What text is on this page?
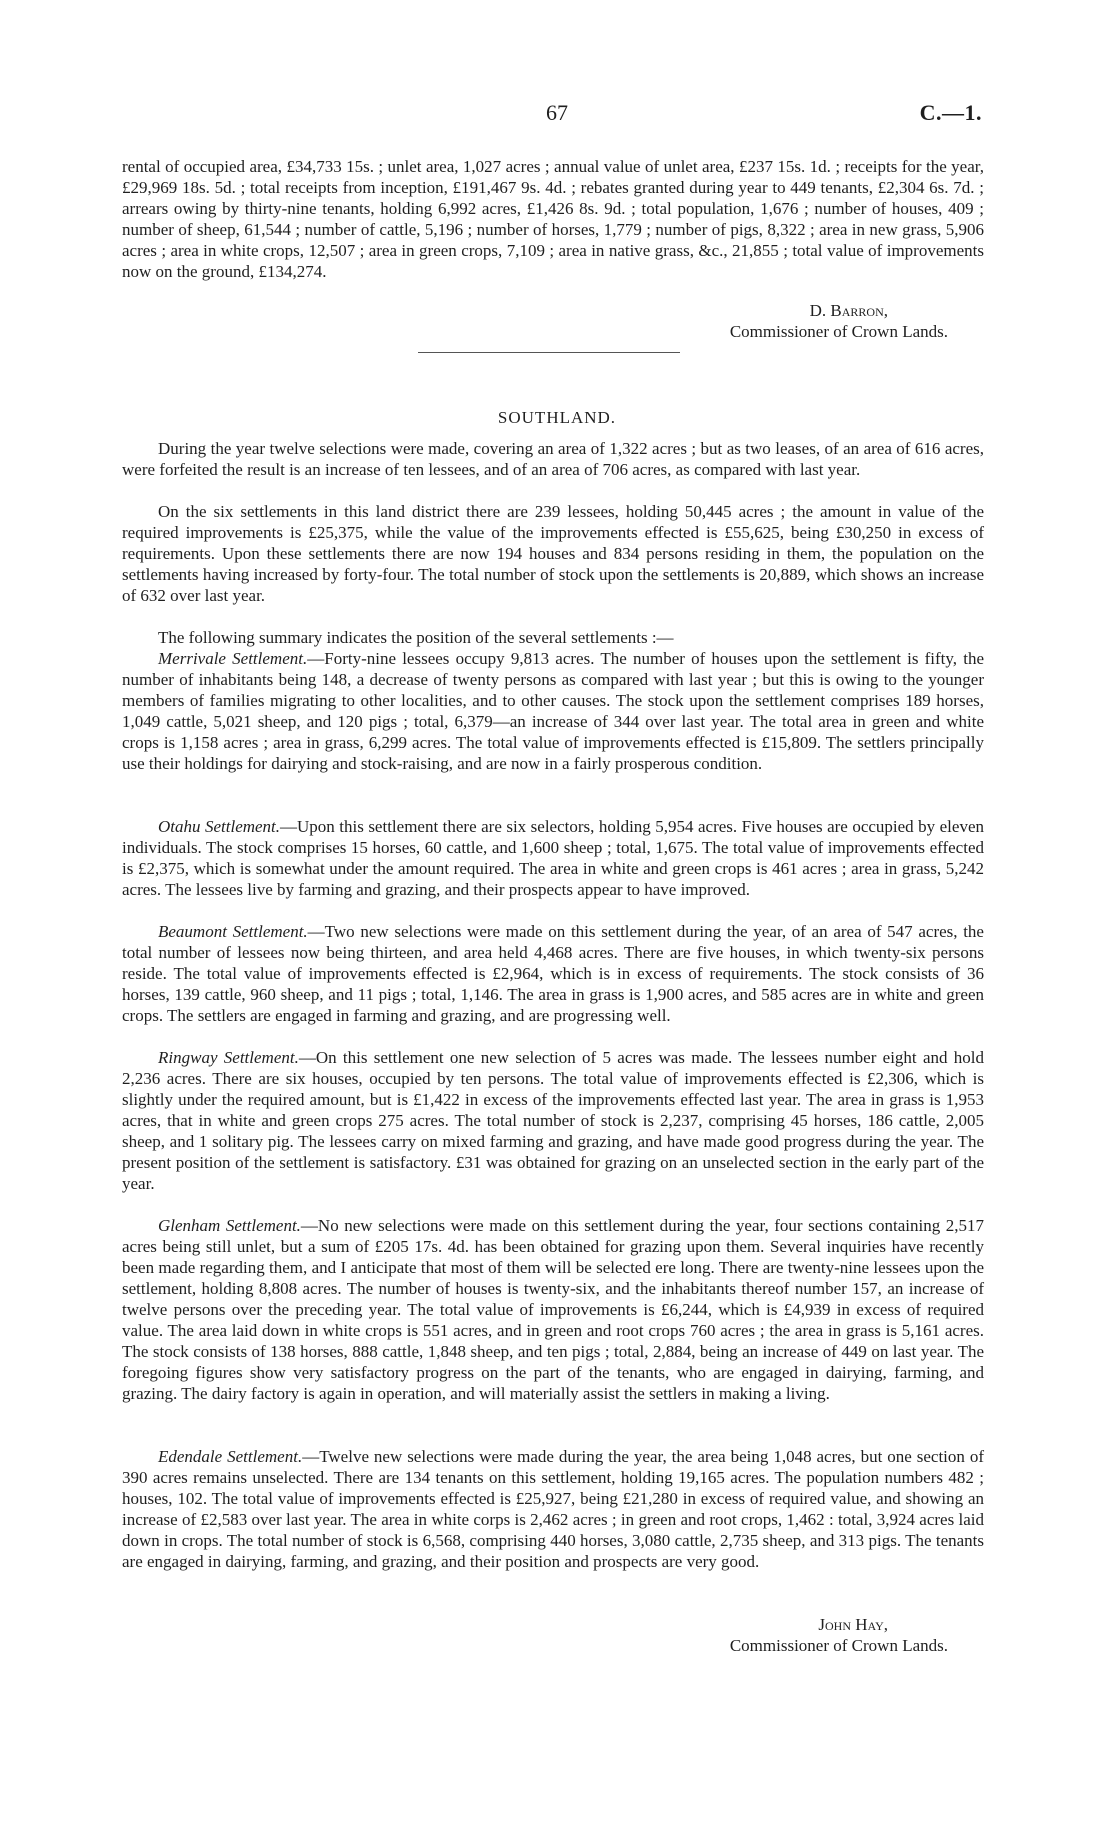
67	C.—1.

rental of occupied area, £34,733 15s. ; unlet area, 1,027 acres ; annual value of unlet area, £237 15s. 1d. ; receipts for the year, £29,969 18s. 5d. ; total receipts from inception, £191,467 9s. 4d. ; rebates granted during year to 449 tenants, £2,304 6s. 7d. ; arrears owing by thirty-nine tenants, holding 6,992 acres, £1,426 8s. 9d. ; total population, 1,676 ; number of houses, 409 ; number of sheep, 61,544 ; number of cattle, 5,196 ; number of horses, 1,779 ; number of pigs, 8,322 ; area in new grass, 5,906 acres ; area in white crops, 12,507 ; area in green crops, 7,109 ; area in native grass, &c., 21,855 ; total value of improvements now on the ground, £134,274.

D. Barron,
Commissioner of Crown Lands.
SOUTHLAND.

During the year twelve selections were made, covering an area of 1,322 acres ; but as two leases, of an area of 616 acres, were forfeited the result is an increase of ten lessees, and of an area of 706 acres, as compared with last year.

On the six settlements in this land district there are 239 lessees, holding 50,445 acres ; the amount in value of the required improvements is £25,375, while the value of the improvements effected is £55,625, being £30,250 in excess of requirements. Upon these settlements there are now 194 houses and 834 persons residing in them, the population on the settlements having increased by forty-four. The total number of stock upon the settlements is 20,889, which shows an increase of 632 over last year.

The following summary indicates the position of the several settlements :—

Merrivale Settlement.—Forty-nine lessees occupy 9,813 acres. The number of houses upon the settlement is fifty, the number of inhabitants being 148, a decrease of twenty persons as compared with last year ; but this is owing to the younger members of families migrating to other localities, and to other causes. The stock upon the settlement comprises 189 horses, 1,049 cattle, 5,021 sheep, and 120 pigs ; total, 6,379—an increase of 344 over last year. The total area in green and white crops is 1,158 acres ; area in grass, 6,299 acres. The total value of improvements effected is £15,809. The settlers principally use their holdings for dairying and stock-raising, and are now in a fairly prosperous condition.

Otahu Settlement.—Upon this settlement there are six selectors, holding 5,954 acres. Five houses are occupied by eleven individuals. The stock comprises 15 horses, 60 cattle, and 1,600 sheep ; total, 1,675. The total value of improvements effected is £2,375, which is somewhat under the amount required. The area in white and green crops is 461 acres ; area in grass, 5,242 acres. The lessees live by farming and grazing, and their prospects appear to have improved.

Beaumont Settlement.—Two new selections were made on this settlement during the year, of an area of 547 acres, the total number of lessees now being thirteen, and area held 4,468 acres. There are five houses, in which twenty-six persons reside. The total value of improvements effected is £2,964, which is in excess of requirements. The stock consists of 36 horses, 139 cattle, 960 sheep, and 11 pigs ; total, 1,146. The area in grass is 1,900 acres, and 585 acres are in white and green crops. The settlers are engaged in farming and grazing, and are progressing well.

Ringway Settlement.—On this settlement one new selection of 5 acres was made. The lessees number eight and hold 2,236 acres. There are six houses, occupied by ten persons. The total value of improvements effected is £2,306, which is slightly under the required amount, but is £1,422 in excess of the improvements effected last year. The area in grass is 1,953 acres, that in white and green crops 275 acres. The total number of stock is 2,237, comprising 45 horses, 186 cattle, 2,005 sheep, and 1 solitary pig. The lessees carry on mixed farming and grazing, and have made good progress during the year. The present position of the settlement is satisfactory. £31 was obtained for grazing on an unselected section in the early part of the year.

Glenham Settlement.—No new selections were made on this settlement during the year, four sections containing 2,517 acres being still unlet, but a sum of £205 17s. 4d. has been obtained for grazing upon them. Several inquiries have recently been made regarding them, and I anticipate that most of them will be selected ere long. There are twenty-nine lessees upon the settlement, holding 8,808 acres. The number of houses is twenty-six, and the inhabitants thereof number 157, an increase of twelve persons over the preceding year. The total value of improvements is £6,244, which is £4,939 in excess of required value. The area laid down in white crops is 551 acres, and in green and root crops 760 acres ; the area in grass is 5,161 acres. The stock consists of 138 horses, 888 cattle, 1,848 sheep, and ten pigs ; total, 2,884, being an increase of 449 on last year. The foregoing figures show very satisfactory progress on the part of the tenants, who are engaged in dairying, farming, and grazing. The dairy factory is again in operation, and will materially assist the settlers in making a living.

Edendale Settlement.—Twelve new selections were made during the year, the area being 1,048 acres, but one section of 390 acres remains unselected. There are 134 tenants on this settlement, holding 19,165 acres. The population numbers 482 ; houses, 102. The total value of improvements effected is £25,927, being £21,280 in excess of required value, and showing an increase of £2,583 over last year. The area in white corps is 2,462 acres ; in green and root crops, 1,462 : total, 3,924 acres laid down in crops. The total number of stock is 6,568, comprising 440 horses, 3,080 cattle, 2,735 sheep, and 313 pigs. The tenants are engaged in dairying, farming, and grazing, and their position and prospects are very good.

John Hay,
Commissioner of Crown Lands.
